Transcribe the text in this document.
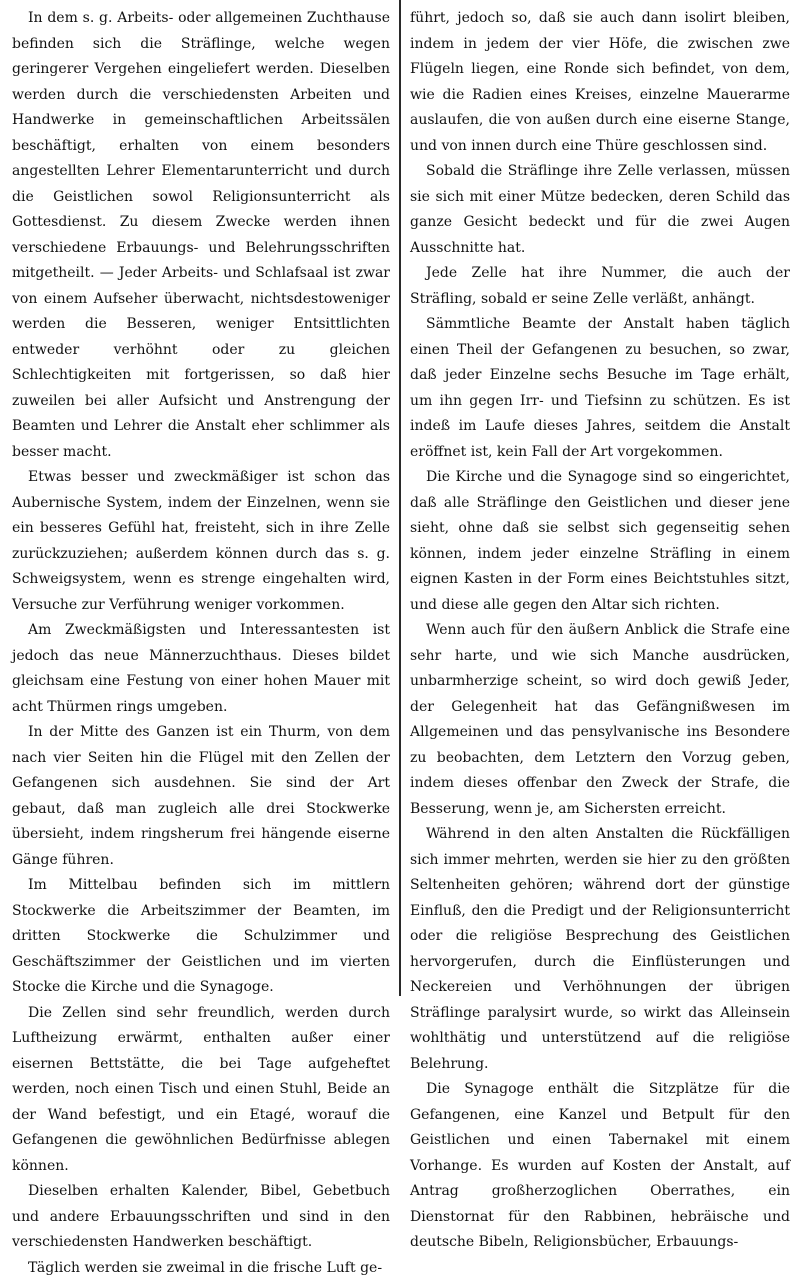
In dem s. g. Arbeits- oder allgemeinen Zuchthause befinden sich die Sträflinge, welche wegen geringerer Vergehen eingeliefert werden. Dieselben werden durch die verschiedensten Arbeiten und Handwerke in gemeinschaftlichen Arbeitssälen beschäftigt, erhalten von einem besonders angestellten Lehrer Elementarunterricht und durch die Geistlichen sowol Religionsunterricht als Gottesdienst. Zu diesem Zwecke werden ihnen verschiedene Erbauungs- und Belehrungsschriften mitgetheilt. — Jeder Arbeits- und Schlafsaal ist zwar von einem Aufseher überwacht, nichtsdestoweniger werden die Besseren, weniger Entsittlichten entweder verhöhnt oder zu gleichen Schlechtigkeiten mit fortgerissen, so daß hier zuweilen bei aller Aufsicht und Anstrengung der Beamten und Lehrer die Anstalt eher schlimmer als besser macht.

Etwas besser und zweckmäßiger ist schon das Aubernische System, indem der Einzelnen, wenn sie ein besseres Gefühl hat, freisteht, sich in ihre Zelle zurückzuziehen; außerdem können durch das s. g. Schweigsystem, wenn es strenge eingehalten wird, Versuche zur Verführung weniger vorkommen.

Am Zweckmäßigsten und Interessantesten ist jedoch das neue Männerzuchthaus. Dieses bildet gleichsam eine Festung von einer hohen Mauer mit acht Thürmen rings umgeben.

In der Mitte des Ganzen ist ein Thurm, von dem nach vier Seiten hin die Flügel mit den Zellen der Gefangenen sich ausdehnen. Sie sind der Art gebaut, daß man zugleich alle drei Stockwerke übersieht, indem ringsherum frei hängende eiserne Gänge führen.

Im Mittelbau befinden sich im mittlern Stockwerke die Arbeitszimmer der Beamten, im dritten Stockwerke die Schulzimmer und Geschäftszimmer der Geistlichen und im vierten Stocke die Kirche und die Synagoge.

Die Zellen sind sehr freundlich, werden durch Luftheizung erwärmt, enthalten außer einer eisernen Bettstätte, die bei Tage aufgeheftet werden, noch einen Tisch und einen Stuhl, Beide an der Wand befestigt, und ein Etagé, worauf die Gefangenen die gewöhnlichen Bedürfnisse ablegen können.

Dieselben erhalten Kalender, Bibel, Gebetbuch und andere Erbauungsschriften und sind in den verschiedensten Handwerken beschäftigt.

Täglich werden sie zweimal in die frische Luft ge-

führt, jedoch so, daß sie auch dann isolirt bleiben, indem in jedem der vier Höfe, die zwischen zwe Flügeln liegen, eine Ronde sich befindet, von dem, wie die Radien eines Kreises, einzelne Mauerarme auslaufen, die von außen durch eine eiserne Stange, und von innen durch eine Thüre geschlossen sind.

Sobald die Sträflinge ihre Zelle verlassen, müssen sie sich mit einer Mütze bedecken, deren Schild das ganze Gesicht bedeckt und für die zwei Augen Ausschnitte hat.

Jede Zelle hat ihre Nummer, die auch der Sträfling, sobald er seine Zelle verläßt, anhängt.

Sämmtliche Beamte der Anstalt haben täglich einen Theil der Gefangenen zu besuchen, so zwar, daß jeder Einzelne sechs Besuche im Tage erhält, um ihn gegen Irr- und Tiefsinn zu schützen. Es ist indeß im Laufe dieses Jahres, seitdem die Anstalt eröffnet ist, kein Fall der Art vorgekommen.

Die Kirche und die Synagoge sind so eingerichtet, daß alle Sträflinge den Geistlichen und dieser jene sieht, ohne daß sie selbst sich gegenseitig sehen können, indem jeder einzelne Sträfling in einem eignen Kasten in der Form eines Beichtstuhles sitzt, und diese alle gegen den Altar sich richten.

Wenn auch für den äußern Anblick die Strafe eine sehr harte, und wie sich Manche ausdrücken, unbarmherzige scheint, so wird doch gewiß Jeder, der Gelegenheit hat das Gefängnißwesen im Allgemeinen und das pensylvanische ins Besondere zu beobachten, dem Letztern den Vorzug geben, indem dieses offenbar den Zweck der Strafe, die Besserung, wenn je, am Sichersten erreicht.

Während in den alten Anstalten die Rückfälligen sich immer mehrten, werden sie hier zu den größten Seltenheiten gehören; während dort der günstige Einfluß, den die Predigt und der Religionsunterricht oder die religiöse Besprechung des Geistlichen hervorgerufen, durch die Einflüsterungen und Neckereien und Verhöhnungen der übrigen Sträflinge paralysirt wurde, so wirkt das Alleinsein wohlthätig und unterstützend auf die religiöse Belehrung.

Die Synagoge enthält die Sitzplätze für die Gefangenen, eine Kanzel und Betpult für den Geistlichen und einen Tabernakel mit einem Vorhange. Es wurden auf Kosten der Anstalt, auf Antrag großherzoglichen Oberrathes, ein Dienstornat für den Rabbinen, hebräische und deutsche Bibeln, Religionsbücher, Erbauungs-
